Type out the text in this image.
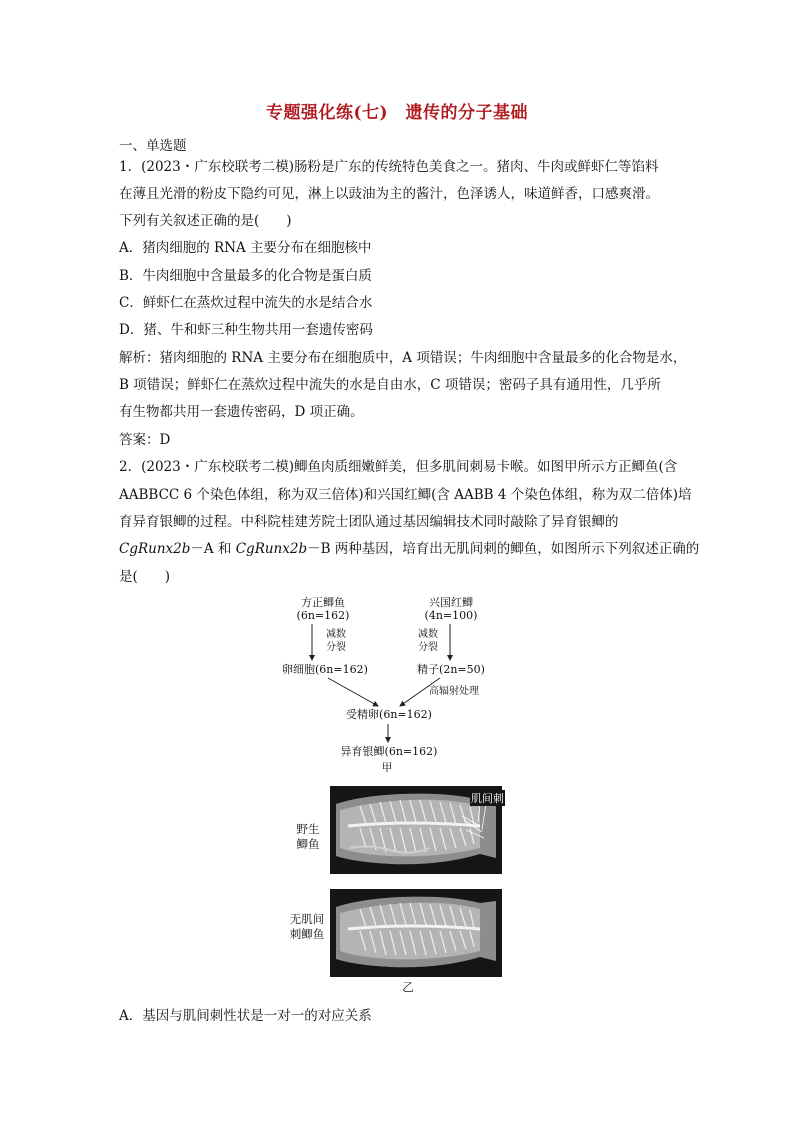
专题强化练(七)　遗传的分子基础
一、单选题
1．(2023・广东校联考二模)肠粉是广东的传统特色美食之一。猪肉、牛肉或鲜虾仁等馅料
在薄且光滑的粉皮下隐约可见，淋上以豉油为主的酱汁，色泽诱人，味道鲜香，口感爽滑。
下列有关叙述正确的是(　　)
A．猪肉细胞的 RNA 主要分布在细胞核中
B．牛肉细胞中含量最多的化合物是蛋白质
C．鲜虾仁在蒸炊过程中流失的水是结合水
D．猪、牛和虾三种生物共用一套遗传密码
解析：猪肉细胞的 RNA 主要分布在细胞质中，A 项错误；牛肉细胞中含量最多的化合物是水，
B 项错误；鲜虾仁在蒸炊过程中流失的水是自由水，C 项错误；密码子具有通用性，几乎所
有生物都共用一套遗传密码，D 项正确。
答案：D
2．(2023・广东校联考二模)鲫鱼肉质细嫩鲜美，但多肌间刺易卡喉。如图甲所示方正鲫鱼(含
AABBCC 6 个染色体组，称为双三倍体)和兴国红鲫(含 AABB 4 个染色体组，称为双二倍体)培
育异育银鲫的过程。中科院桂建芳院士团队通过基因编辑技术同时敲除了异育银鲫的
CgRunx2b－A 和 CgRunx2b－B 两种基因，培育出无肌间刺的鲫鱼，如图所示下列叙述正确的
是(　　)
方正鲫鱼
(6n=162)
兴国红鲫
(4n=100)
减数
分裂
减数
分裂
卵细胞(6n=162)	精子(2n=50)
高辐射处理
受精卵(6n=162)
异育银鲫(6n=162)
甲
野生
鲫鱼
无肌间
刺鲫鱼
肌间刺
乙
A．基因与肌间刺性状是一对一的对应关系
